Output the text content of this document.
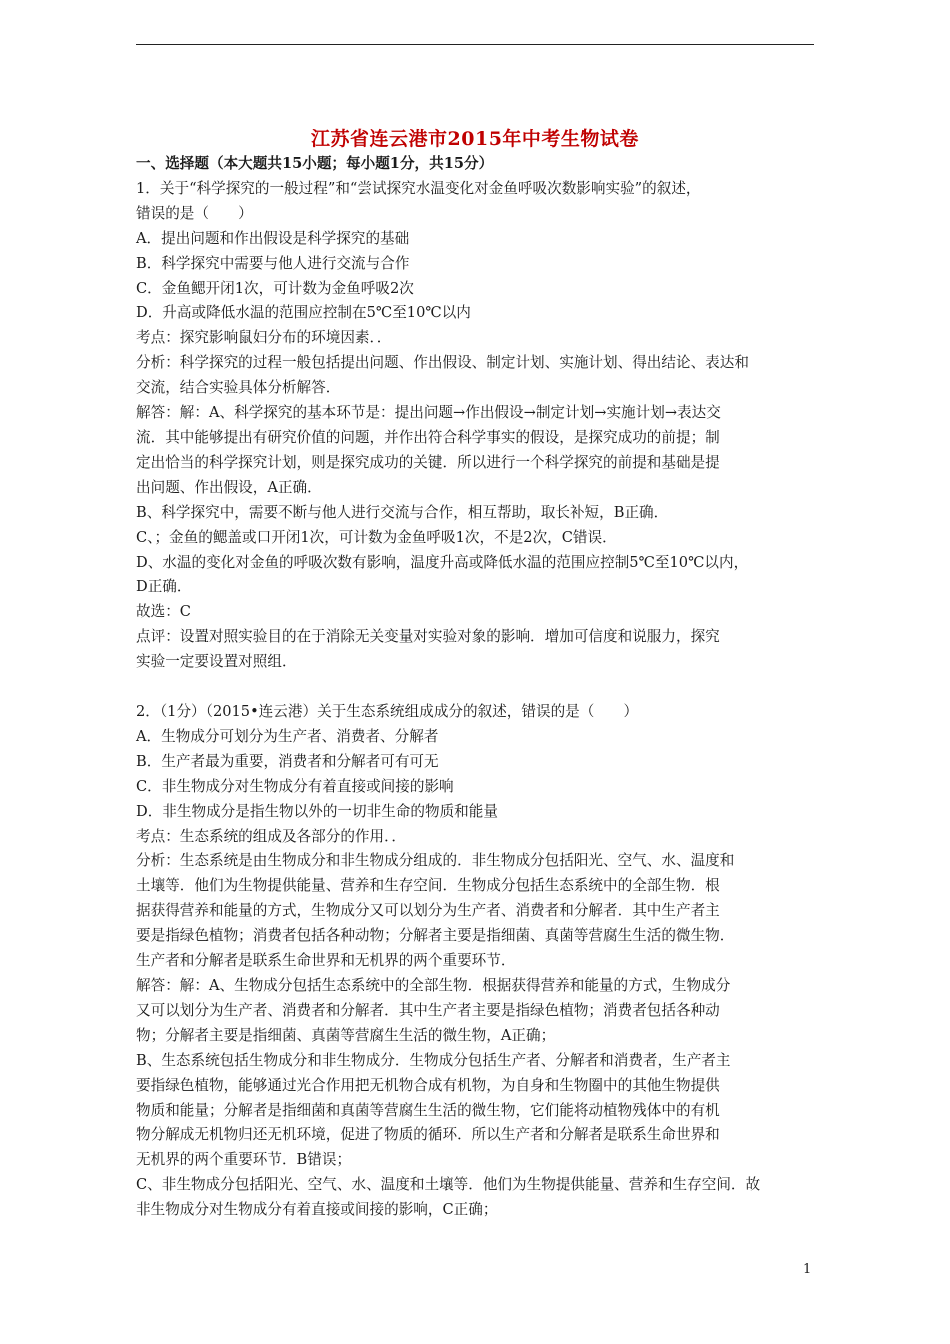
江苏省连云港市2015年中考生物试卷
一、选择题（本大题共15小题；每小题1分，共15分）
1．关于“科学探究的一般过程”和“尝试探究水温变化对金鱼呼吸次数影响实验”的叙述，
错误的是（　　）
A．提出问题和作出假设是科学探究的基础
B．科学探究中需要与他人进行交流与合作
C．金鱼鳃开闭1次，可计数为金鱼呼吸2次
D．升高或降低水温的范围应控制在5℃至10℃以内
考点：探究影响鼠妇分布的环境因素．．
分析：科学探究的过程一般包括提出问题、作出假设、制定计划、实施计划、得出结论、表达和
交流，结合实验具体分析解答．
解答：解：A、科学探究的基本环节是：提出问题→作出假设→制定计划→实施计划→表达交
流．其中能够提出有研究价值的问题，并作出符合科学事实的假设，是探究成功的前提；制
定出恰当的科学探究计划，则是探究成功的关键．所以进行一个科学探究的前提和基础是提
出问题、作出假设，A正确．
B、科学探究中，需要不断与他人进行交流与合作，相互帮助，取长补短，B正确．
C、；金鱼的鳃盖或口开闭1次，可计数为金鱼呼吸1次，不是2次，C错误．
D、水温的变化对金鱼的呼吸次数有影响，温度升高或降低水温的范围应控制5℃至10℃以内，
D正确．
故选：C
点评：设置对照实验目的在于消除无关变量对实验对象的影响．增加可信度和说服力，探究
实验一定要设置对照组．
2．（1分）（2015•连云港）关于生态系统组成成分的叙述，错误的是（　　）
A．生物成分可划分为生产者、消费者、分解者
B．生产者最为重要，消费者和分解者可有可无
C．非生物成分对生物成分有着直接或间接的影响
D．非生物成分是指生物以外的一切非生命的物质和能量
考点：生态系统的组成及各部分的作用．．
分析：生态系统是由生物成分和非生物成分组成的．非生物成分包括阳光、空气、水、温度和
土壤等．他们为生物提供能量、营养和生存空间．生物成分包括生态系统中的全部生物．根
据获得营养和能量的方式，生物成分又可以划分为生产者、消费者和分解者．其中生产者主
要是指绿色植物；消费者包括各种动物；分解者主要是指细菌、真菌等营腐生生活的微生物．
生产者和分解者是联系生命世界和无机界的两个重要环节．
解答：解：A、生物成分包括生态系统中的全部生物．根据获得营养和能量的方式，生物成分
又可以划分为生产者、消费者和分解者．其中生产者主要是指绿色植物；消费者包括各种动
物；分解者主要是指细菌、真菌等营腐生生活的微生物，A正确；
B、生态系统包括生物成分和非生物成分．生物成分包括生产者、分解者和消费者，生产者主
要指绿色植物，能够通过光合作用把无机物合成有机物，为自身和生物圈中的其他生物提供
物质和能量；分解者是指细菌和真菌等营腐生生活的微生物，它们能将动植物残体中的有机
物分解成无机物归还无机环境，促进了物质的循环．所以生产者和分解者是联系生命世界和
无机界的两个重要环节．B错误；
C、非生物成分包括阳光、空气、水、温度和土壤等．他们为生物提供能量、营养和生存空间．故
非生物成分对生物成分有着直接或间接的影响，C正确；
1
